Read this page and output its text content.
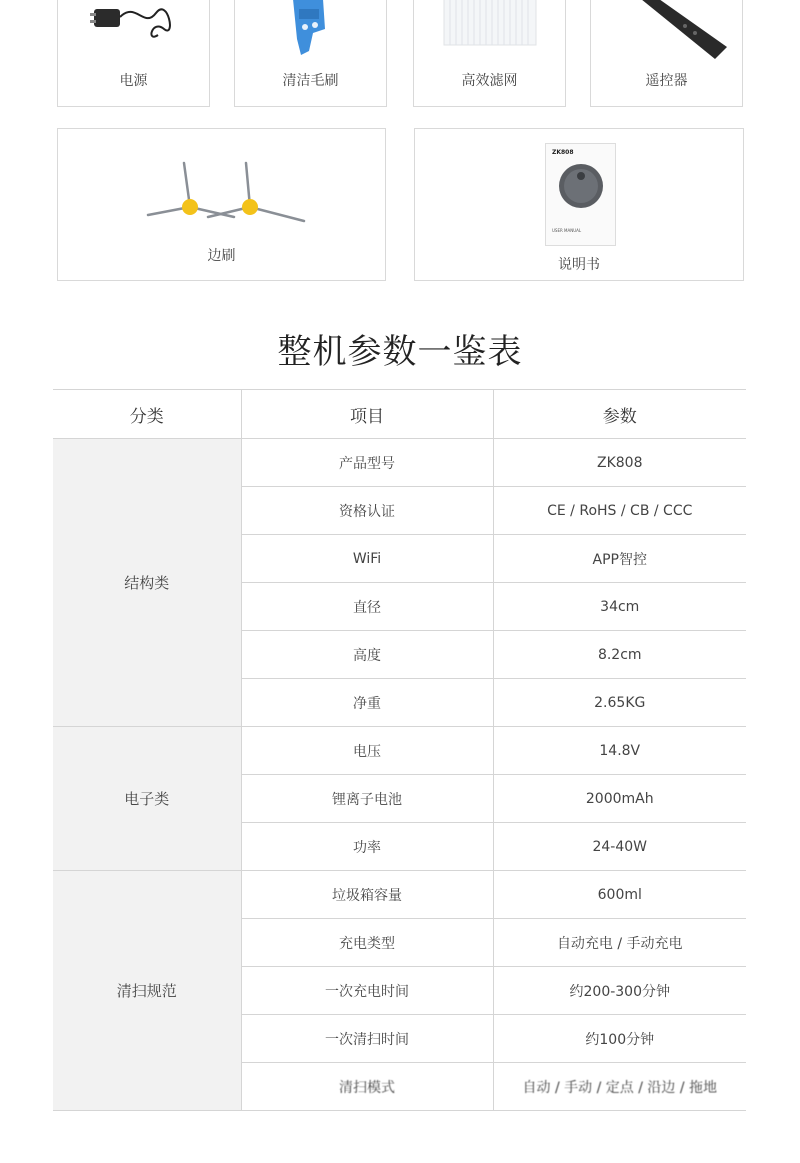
电源	清洁毛刷	高效滤网	遥控器
边刷
ZK808
USER MANUAL
说明书
整机参数一鉴表
分类	项目	参数
结构类	产品型号	ZK808
	资格认证	CE / RoHS / CB / CCC
	WiFi	APP智控
	直径	34cm
	高度	8.2cm
	净重	2.65KG
电子类	电压	14.8V
	锂离子电池	2000mAh
	功率	24-40W
清扫规范	垃圾箱容量	600ml
	充电类型	自动充电 / 手动充电
	一次充电时间	约200-300分钟
	一次清扫时间	约100分钟
	清扫模式	自动 / 手动 / 定点 / 沿边 / 拖地
